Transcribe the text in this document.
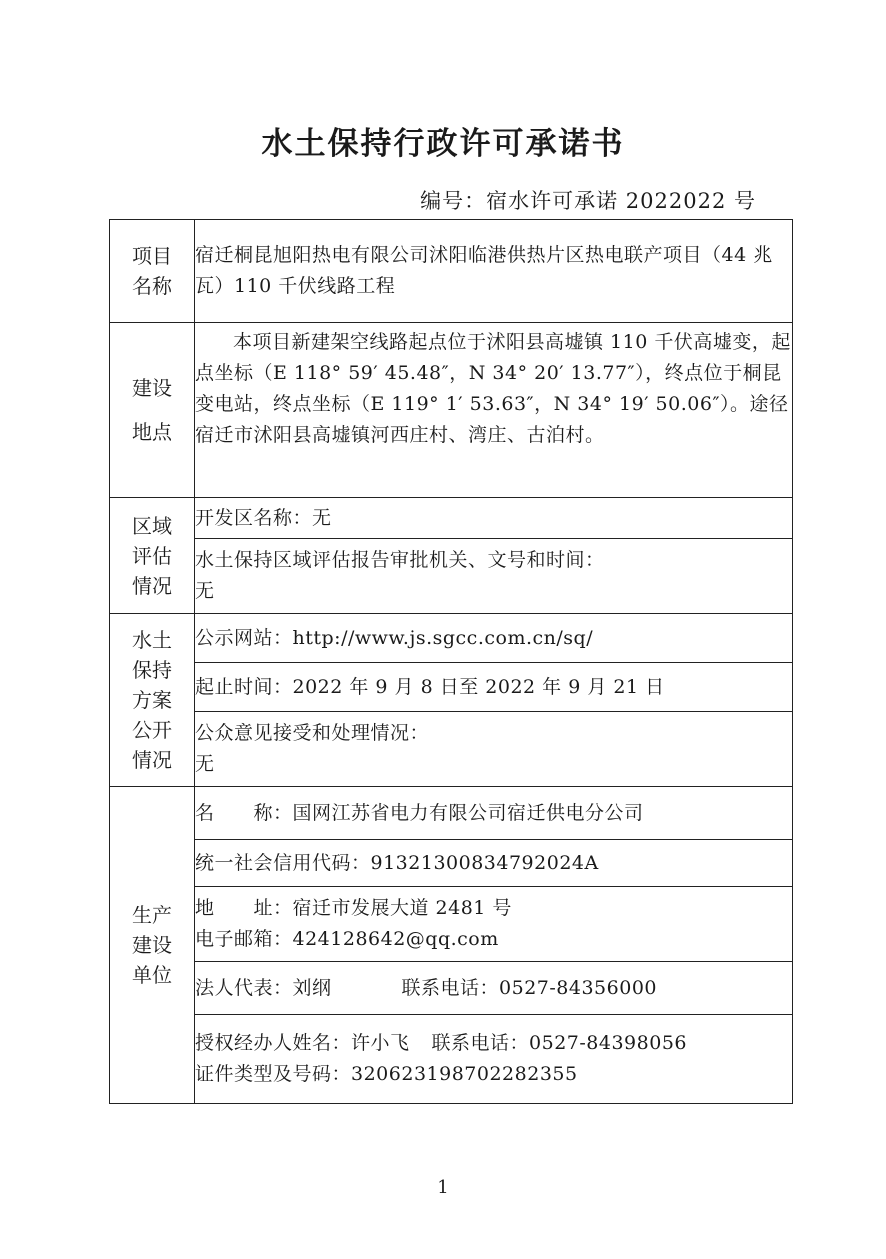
水土保持行政许可承诺书
编号：宿水许可承诺 2022022 号
项目
名称	宿迁桐昆旭阳热电有限公司沭阳临港供热片区热电联产项目（44 兆瓦）110 千伏线路工程

建设
地点	本项目新建架空线路起点位于沭阳县高墟镇 110 千伏高墟变，起点坐标（E 118° 59′ 45.48″，N 34° 20′ 13.77″），终点位于桐昆变电站，终点坐标（E 119° 1′ 53.63″，N 34° 19′ 50.06″）。途径宿迁市沭阳县高墟镇河西庄村、湾庄、古泊村。

区域
评估
情况	开发区名称：无

	水土保持区域评估报告审批机关、文号和时间：
无

水土
保持
方案
公开
情况	公示网站：http://www.js.sgcc.com.cn/sq/
	起止时间：2022 年 9 月 8 日至 2022 年 9 月 21 日

	公众意见接受和处理情况：
无

生产
建设
单位	名　　称：国网江苏省电力有限公司宿迁供电分公司
	统一社会信用代码：91321300834792024A

	地　　址：宿迁市发展大道 2481 号
电子邮箱：424128642@qq.com

	法人代表：刘纲 联系电话：0527-84356000

	授权经办人姓名：许小飞 联系电话：0527-84398056
证件类型及号码：320623198702282355
1
